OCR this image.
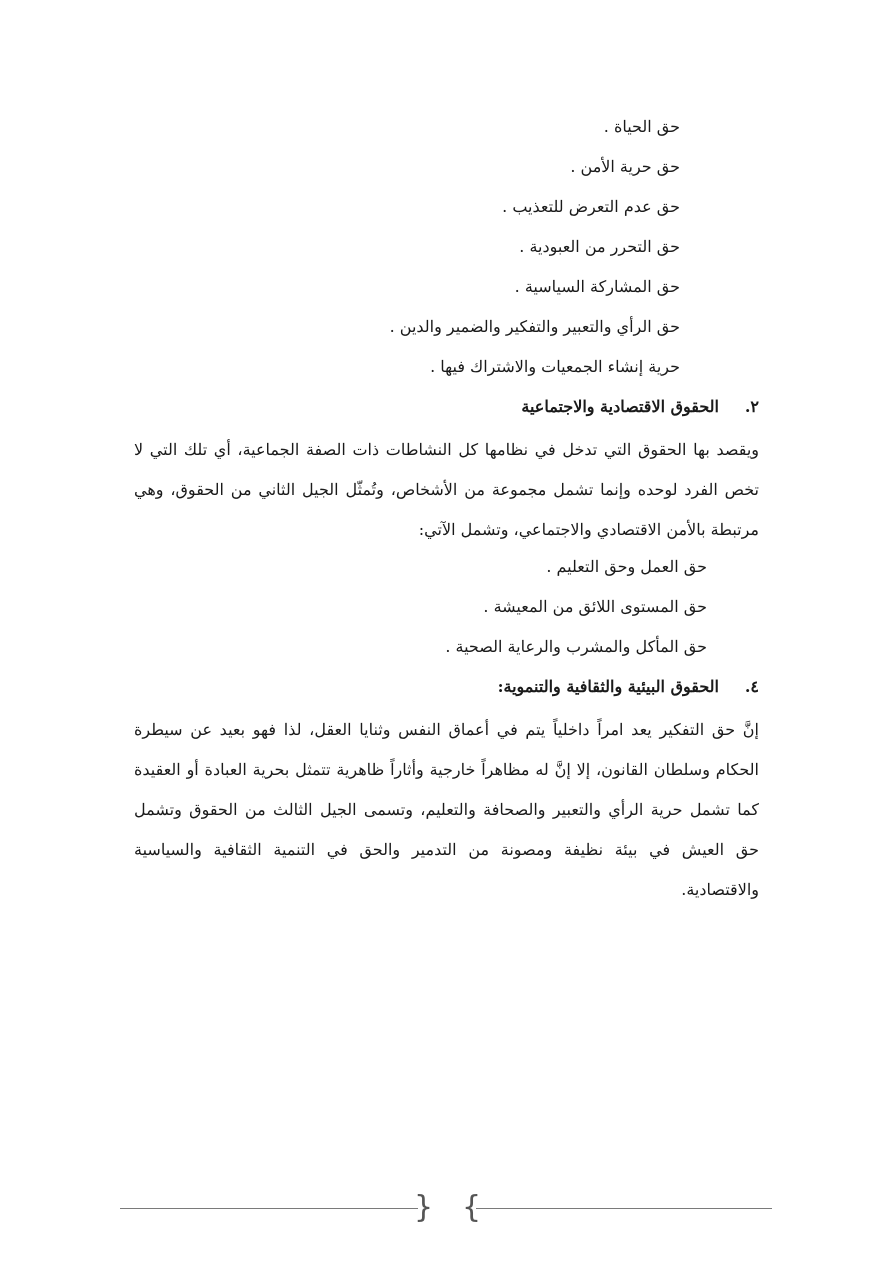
حق الحياة .
حق حرية الأمن .
حق عدم التعرض للتعذيب .
حق التحرر من العبودية .
حق المشاركة السياسية .
حق الرأي والتعبير والتفكير والضمير والدين .
حرية إنشاء الجمعيات والاشتراك فيها .
٢.الحقوق الاقتصادية والاجتماعية

ويقصد بها الحقوق التي تدخل في نظامها كل النشاطات ذات الصفة الجماعية، أي تلك التي لا تخص الفرد لوحده وإنما تشمل مجموعة من الأشخاص، وتُمثّل الجيل الثاني من الحقوق، وهي مرتبطة بالأمن الاقتصادي والاجتماعي، وتشمل الآتي:

حق العمل وحق التعليم .
حق المستوى اللائق من المعيشة .
حق المأكل والمشرب والرعاية الصحية .
٤.الحقوق البيئية والثقافية والتنموية:

إنَّ حق التفكير يعد امراً داخلياً يتم في أعماق النفس وثنايا العقل، لذا فهو بعيد عن سيطرة الحكام وسلطان القانون، إلا إنَّ له مظاهراً خارجية وأثاراً ظاهرية تتمثل بحرية العبادة أو العقيدة كما تشمل حرية الرأي والتعبير والصحافة والتعليم، وتسمى الجيل الثالث من الحقوق وتشمل حق العيش في بيئة نظيفة ومصونة من التدمير والحق في التنمية الثقافية والسياسية والاقتصادية.

}
{
